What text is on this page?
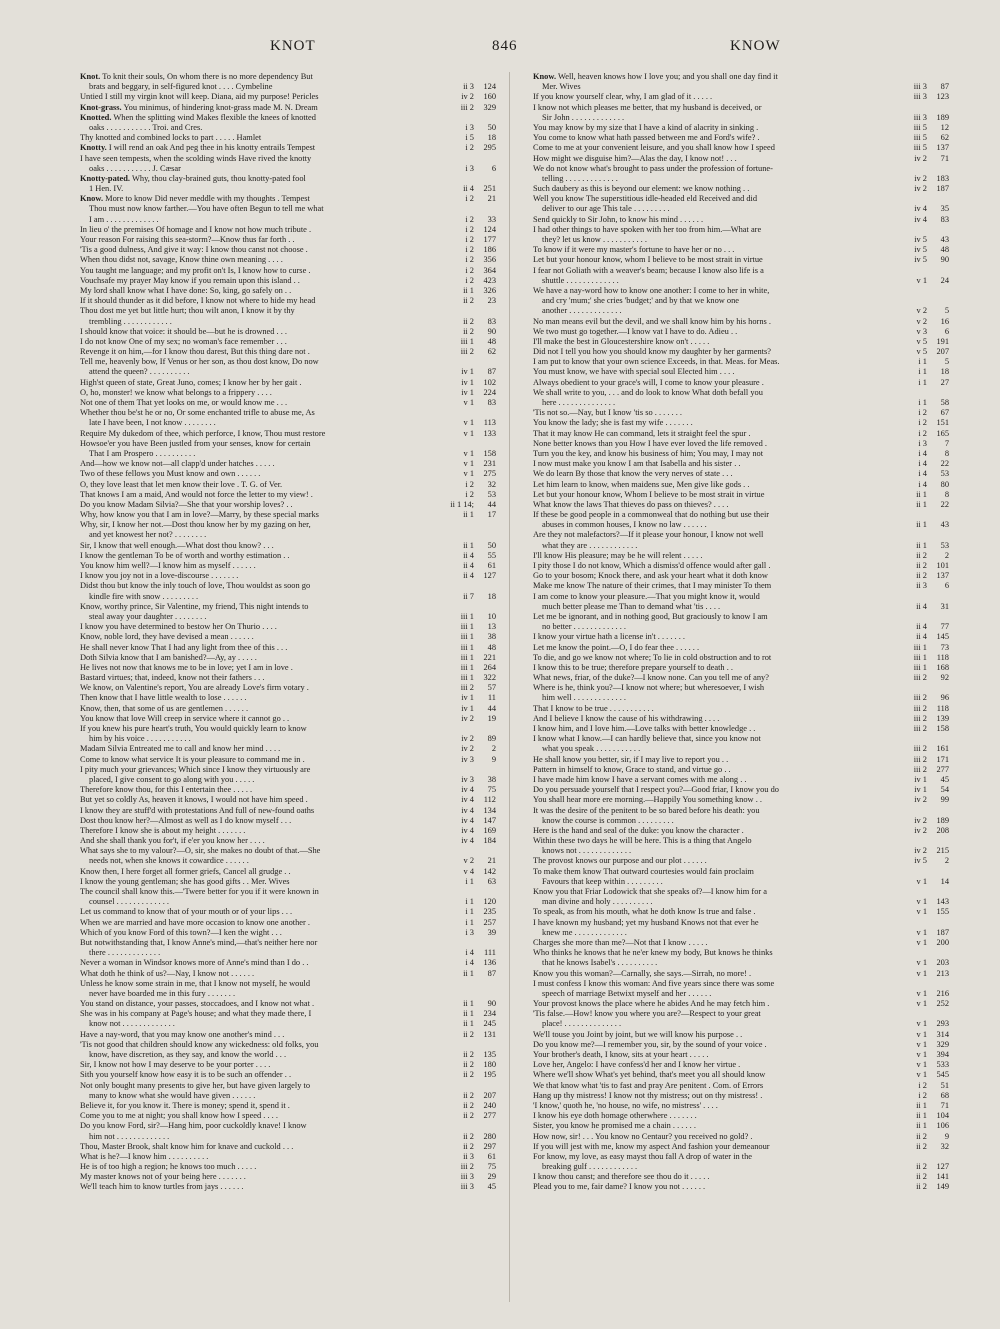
KNOT	846	KNOW
Knot. To knit their souls, On whom there is no more dependency But
brats and beggary, in self-figured knot . . . . Cymbeline	ii 3	124
Untied I still my virgin knot will keep. Diana, aid my purpose! Pericles	iv 2	160
Knot-grass. You minimus, of hindering knot-grass made M. N. Dream	iii 2	329
Knotted. When the splitting wind Makes flexible the knees of knotted
oaks . . . . . . . . . . . Troi. and Cres.	i 3	50
Thy knotted and combined locks to part . . . . . Hamlet	i 5	18
Knotty. I will rend an oak And peg thee in his knotty entrails Tempest	i 2	295
I have seen tempests, when the scolding winds Have rived the knotty
oaks . . . . . . . . . . . J. Cæsar	i 3	6
Knotty-pated. Why, thou clay-brained guts, thou knotty-pated fool
1 Hen. IV.	ii 4	251
Know. More to know Did never meddle with my thoughts . Tempest	i 2	21
Thou must now know farther.—You have often Begun to tell me what
I am . . . . . . . . . . . . .	i 2	33
In lieu o' the premises Of homage and I know not how much tribute .	i 2	124
Your reason For raising this sea-storm?—Know thus far forth . .	i 2	177
'Tis a good dulness, And give it way: I know thou canst not choose .	i 2	186
When thou didst not, savage, Know thine own meaning . . . .	i 2	356
You taught me language; and my profit on't Is, I know how to curse .	i 2	364
Vouchsafe my prayer May know if you remain upon this island . .	i 2	423
My lord shall know what I have done: So, king, go safely on . .	ii 1	326
If it should thunder as it did before, I know not where to hide my head	ii 2	23
Thou dost me yet but little hurt; thou wilt anon, I know it by thy
trembling . . . . . . . . . . . .	ii 2	83
I should know that voice: it should be—but he is drowned . . .	ii 2	90
I do not know One of my sex; no woman's face remember . . .	iii 1	48
Revenge it on him,—for I know thou darest, But this thing dare not .	iii 2	62
Tell me, heavenly bow, If Venus or her son, as thou dost know, Do now
attend the queen? . . . . . . . . . .	iv 1	87
High'st queen of state, Great Juno, comes; I know her by her gait .	iv 1	102
O, ho, monster! we know what belongs to a frippery . . . .	iv 1	224
Not one of them That yet looks on me, or would know me . . .	v 1	83
Whether thou be'st he or no, Or some enchanted trifle to abuse me, As
late I have been, I not know . . . . . . . .	v 1	113
Require My dukedom of thee, which perforce, I know, Thou must restore	v 1	133
Howsoe'er you have Been justled from your senses, know for certain
That I am Prospero . . . . . . . . . .	v 1	158
And—how we know not—all clapp'd under hatches . . . . .	v 1	231
Two of these fellows you Must know and own . . . . . .	v 1	275
O, they love least that let men know their love . T. G. of Ver.	i 2	32
That knows I am a maid, And would not force the letter to my view! .	i 2	53
Do you know Madam Silvia?—She that your worship loves? . .	ii 1 14;	44
Why, how know you that I am in love?—Marry, by these special marks	ii 1	17
Why, sir, I know her not.—Dost thou know her by my gazing on her,
and yet knowest her not? . . . . . . . .
Sir, I know that well enough.—What dost thou know? . . .	ii 1	50
I know the gentleman To be of worth and worthy estimation . .	ii 4	55
You know him well?—I know him as myself . . . . . .	ii 4	61
I know you joy not in a love-discourse . . . . . . .	ii 4	127
Didst thou but know the inly touch of love, Thou wouldst as soon go
kindle fire with snow . . . . . . . . .	ii 7	18
Know, worthy prince, Sir Valentine, my friend, This night intends to
steal away your daughter . . . . . . . .	iii 1	10
I know you have determined to bestow her On Thurio . . . .	iii 1	13
Know, noble lord, they have devised a mean . . . . . .	iii 1	38
He shall never know That I had any light from thee of this . . .	iii 1	48
Doth Silvia know that I am banished?—Ay, ay . . . . .	iii 1	221
He lives not now that knows me to be in love; yet I am in love .	iii 1	264
Bastard virtues; that, indeed, know not their fathers . . .	iii 1	322
We know, on Valentine's report, You are already Love's firm votary .	iii 2	57
Then know that I have little wealth to lose . . . . . .	iv 1	11
Know, then, that some of us are gentlemen . . . . . .	iv 1	44
You know that love Will creep in service where it cannot go . .	iv 2	19
If you knew his pure heart's truth, You would quickly learn to know
him by his voice . . . . . . . . . . .	iv 2	89
Madam Silvia Entreated me to call and know her mind . . . .	iv 2	2
Come to know what service It is your pleasure to command me in .	iv 3	9
I pity much your grievances; Which since I know they virtuously are
placed, I give consent to go along with you . . . . .	iv 3	38
Therefore know thou, for this I entertain thee . . . . .	iv 4	75
But yet so coldly As, heaven it knows, I would not have him speed .	iv 4	112
I know they are stuff'd with protestations And full of new-found oaths	iv 4	134
Dost thou know her?—Almost as well as I do know myself . . .	iv 4	147
Therefore I know she is about my height . . . . . . .	iv 4	169
And she shall thank you for't, if e'er you know her . . . .	iv 4	184
What says she to my valour?—O, sir, she makes no doubt of that.—She
needs not, when she knows it cowardice . . . . . .	v 2	21
Know then, I here forget all former griefs, Cancel all grudge . .	v 4	142
I know the young gentleman; she has good gifts . . Mer. Wives	i 1	63
The council shall know this.—'Twere better for you if it were known in
counsel . . . . . . . . . . . . .	i 1	120
Let us command to know that of your mouth or of your lips . . .	i 1	235
When we are married and have more occasion to know one another .	i 1	257
Which of you know Ford of this town?—I ken the wight . . .	i 3	39
But notwithstanding that, I know Anne's mind,—that's neither here nor
there . . . . . . . . . . . . .	i 4	111
Never a woman in Windsor knows more of Anne's mind than I do . .	i 4	136
What doth he think of us?—Nay, I know not . . . . . .	ii 1	87
Unless he know some strain in me, that I know not myself, he would
never have boarded me in this fury . . . . . . .
You stand on distance, your passes, stoccadoes, and I know not what .	ii 1	90
She was in his company at Page's house; and what they made there, I	ii 1	234
know not . . . . . . . . . . . . .	ii 1	245
Have a nay-word, that you may know one another's mind . . .	ii 2	131
'Tis not good that children should know any wickedness: old folks, you
know, have discretion, as they say, and know the world . . .	ii 2	135
Sir, I know not how I may deserve to be your porter . . . .	ii 2	180
Sith you yourself know how easy it is to be such an offender . .	ii 2	195
Not only bought many presents to give her, but have given largely to
many to know what she would have given . . . . . .	ii 2	207
Believe it, for you know it. There is money; spend it, spend it .	ii 2	240
Come you to me at night; you shall know how I speed . . . .	ii 2	277
Do you know Ford, sir?—Hang him, poor cuckoldly knave! I know
him not . . . . . . . . . . . . .	ii 2	280
Thou, Master Brook, shalt know him for knave and cuckold . . .	ii 2	297
What is he?—I know him . . . . . . . . . .	ii 3	61
He is of too high a region; he knows too much . . . . .	iii 2	75
My master knows not of your being here . . . . . . .	iii 3	29
We'll teach him to know turtles from jays . . . . . .	iii 3	45
Know. Well, heaven knows how I love you; and you shall one day find it
Mer. Wives	iii 3	87
If you know yourself clear, why, I am glad of it . . . . .	iii 3	123
I know not which pleases me better, that my husband is deceived, or
Sir John . . . . . . . . . . . . .	iii 3	189
You may know by my size that I have a kind of alacrity in sinking .	iii 5	12
You come to know what hath passed between me and Ford's wife? .	iii 5	62
Come to me at your convenient leisure, and you shall know how I speed	iii 5	137
How might we disguise him?—Alas the day, I know not! . . .	iv 2	71
We do not know what's brought to pass under the profession of fortune-
telling . . . . . . . . . . . . .	iv 2	183
Such daubery as this is beyond our element: we know nothing . .	iv 2	187
Well you know The superstitious idle-headed eld Received and did
deliver to our age This tale . . . . . . . . .	iv 4	35
Send quickly to Sir John, to know his mind . . . . . .	iv 4	83
I had other things to have spoken with her too from him.—What are
they? let us know . . . . . . . . . . .	iv 5	43
To know if it were my master's fortune to have her or no . . .	iv 5	48
Let but your honour know, whom I believe to be most strait in virtue	iv 5	90
I fear not Goliath with a weaver's beam; because I know also life is a
shuttle . . . . . . . . . . . . .	v 1	24
We have a nay-word how to know one another: I come to her in white,
and cry 'mum;' she cries 'budget;' and by that we know one
another . . . . . . . . . . . . .	v 2	5
No man means evil but the devil, and we shall know him by his horns .	v 2	16
We two must go together.—I know vat I have to do. Adieu . .	v 3	6
I'll make the best in Gloucestershire know on't . . . . .	v 5	191
Did not I tell you how you should know my daughter by her garments?	v 5	207
I am put to know that your own science Exceeds, in that. Meas. for Meas.	i 1	5
You must know, we have with special soul Elected him . . . .	i 1	18
Always obedient to your grace's will, I come to know your pleasure .	i 1	27
We shall write to you, . . . and do look to know What doth befall you
here . . . . . . . . . . . . . .	i 1	58
'Tis not so.—Nay, but I know 'tis so . . . . . . .	i 2	67
You know the lady; she is fast my wife . . . . . . .	i 2	151
That it may know He can command, lets it straight feel the spur .	i 2	165
None better knows than you How I have ever loved the life removed .	i 3	7
Turn you the key, and know his business of him; You may, I may not	i 4	8
I now must make you know I am that Isabella and his sister . .	i 4	22
We do learn By those that know the very nerves of state . . .	i 4	53
Let him learn to know, when maidens sue, Men give like gods . .	i 4	80
Let but your honour know, Whom I believe to be most strait in virtue	ii 1	8
What know the laws That thieves do pass on thieves? . . . .	ii 1	22
If these be good people in a commonweal that do nothing but use their
abuses in common houses, I know no law . . . . . .	ii 1	43
Are they not malefactors?—If it please your honour, I know not well
what they are . . . . . . . . . . . .	ii 1	53
I'll know His pleasure; may be he will relent . . . . .	ii 2	2
I pity those I do not know, Which a dismiss'd offence would after gall .	ii 2	101
Go to your bosom; Knock there, and ask your heart what it doth know	ii 2	137
Make me know The nature of their crimes, that I may minister To them	ii 3	6
I am come to know your pleasure.—That you might know it, would
much better please me Than to demand what 'tis . . . .	ii 4	31
Let me be ignorant, and in nothing good, But graciously to know I am
no better . . . . . . . . . . . . .	ii 4	77
I know your virtue hath a license in't . . . . . . .	ii 4	145
Let me know the point.—O, I do fear thee . . . . . .	iii 1	73
To die, and go we know not where; To lie in cold obstruction and to rot	iii 1	118
I know this to be true; therefore prepare yourself to death . .	iii 1	168
What news, friar, of the duke?—I know none. Can you tell me of any?	iii 2	92
Where is he, think you?—I know not where; but wheresoever, I wish
him well . . . . . . . . . . . . .	iii 2	96
That I know to be true . . . . . . . . . . .	iii 2	118
And I believe I know the cause of his withdrawing . . . .	iii 2	139
I know him, and I love him.—Love talks with better knowledge . .	iii 2	158
I know what I know.—I can hardly believe that, since you know not
what you speak . . . . . . . . . . .	iii 2	161
He shall know you better, sir, if I may live to report you . .	iii 2	171
Pattern in himself to know, Grace to stand, and virtue go . .	iii 2	277
I have made him know I have a servant comes with me along . .	iv 1	45
Do you persuade yourself that I respect you?—Good friar, I know you do	iv 1	54
You shall hear more ere morning.—Happily You something know . .	iv 2	99
It was the desire of the penitent to be so bared before his death: you
know the course is common . . . . . . . . .	iv 2	189
Here is the hand and seal of the duke: you know the character .	iv 2	208
Within these two days he will be here. This is a thing that Angelo
knows not . . . . . . . . . . . . .	iv 2	215
The provost knows our purpose and our plot . . . . . .	iv 5	2
To make them know That outward courtesies would fain proclaim
Favours that keep within . . . . . . . . .	v 1	14
Know you that Friar Lodowick that she speaks of?—I know him for a
man divine and holy . . . . . . . . . .	v 1	143
To speak, as from his mouth, what he doth know Is true and false .	v 1	155
I have known my husband; yet my husband Knows not that ever he
knew me . . . . . . . . . . . . .	v 1	187
Charges she more than me?—Not that I know . . . . .	v 1	200
Who thinks he knows that he ne'er knew my body, But knows he thinks
that he knows Isabel's . . . . . . . . . .	v 1	203
Know you this woman?—Carnally, she says.—Sirrah, no more! .	v 1	213
I must confess I know this woman: And five years since there was some
speech of marriage Betwixt myself and her . . . . . .	v 1	216
Your provost knows the place where he abides And he may fetch him .	v 1	252
'Tis false.—How! know you where you are?—Respect to your great
place! . . . . . . . . . . . . . .	v 1	293
We'll touse you Joint by joint, but we will know his purpose . .	v 1	314
Do you know me?—I remember you, sir, by the sound of your voice .	v 1	329
Your brother's death, I know, sits at your heart . . . . .	v 1	394
Love her, Angelo: I have confess'd her and I know her virtue .	v 1	533
Where we'll show What's yet behind, that's meet you all should know	v 1	545
We that know what 'tis to fast and pray Are penitent . Com. of Errors	i 2	51
Hang up thy mistress! I know not thy mistress; out on thy mistress! .	i 2	68
'I know,' quoth he, 'no house, no wife, no mistress' . . . .	ii 1	71
I know his eye doth homage otherwhere . . . . . . .	ii 1	104
Sister, you know he promised me a chain . . . . . .	ii 1	106
How now, sir! . . . You know no Centaur? you received no gold? .	ii 2	9
If you will jest with me, know my aspect And fashion your demeanour	ii 2	32
For know, my love, as easy mayst thou fall A drop of water in the
breaking gulf . . . . . . . . . . . .	ii 2	127
I know thou canst; and therefore see thou do it . . . . .	ii 2	141
Plead you to me, fair dame? I know you not . . . . . .	ii 2	149
